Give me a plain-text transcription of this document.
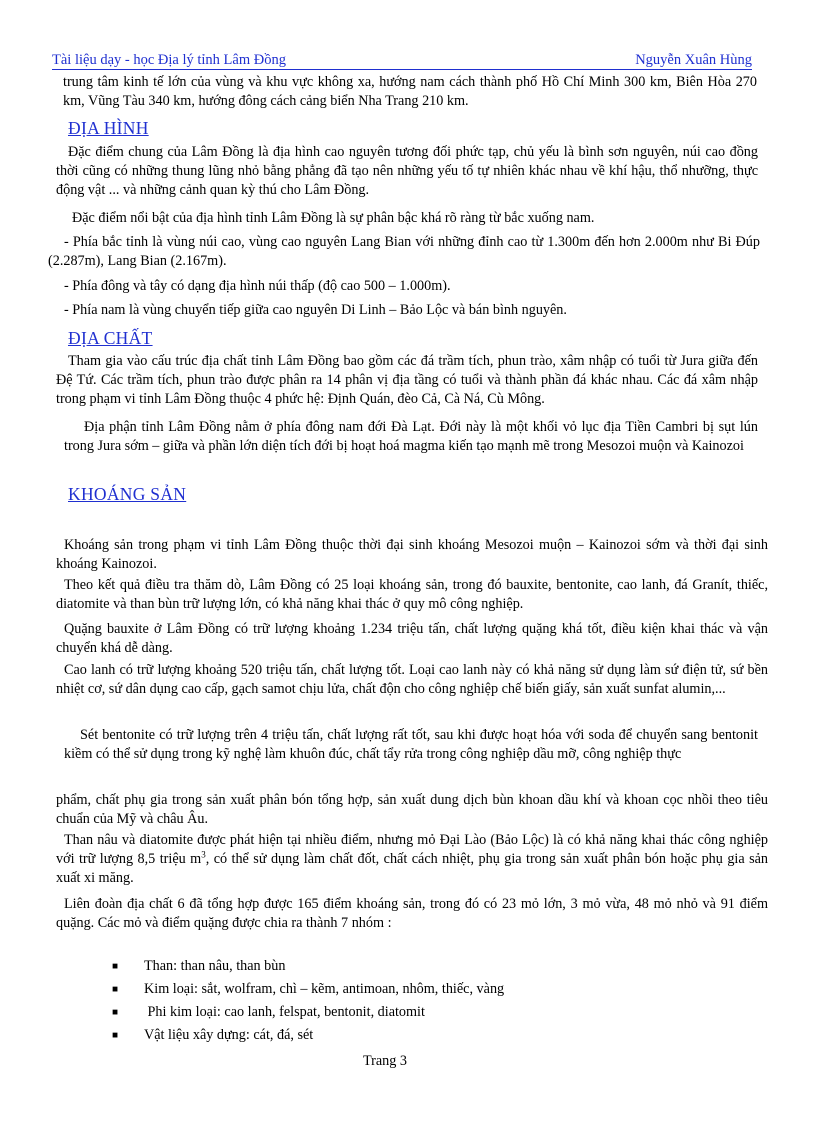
Tài liệu dạy - học Địa lý tỉnh Lâm Đồng	Nguyễn Xuân Hùng

trung tâm kinh tế lớn của vùng và khu vực không xa, hướng nam cách thành phố Hồ Chí Minh 300 km, Biên Hòa 270 km, Vũng Tàu 340 km, hướng đông cách cảng biển Nha Trang 210 km.

ĐỊA HÌNH

Đặc điểm chung của Lâm Đồng là địa hình cao nguyên tương đối phức tạp, chủ yếu là bình sơn nguyên, núi cao đồng thời cũng có những thung lũng nhỏ bằng phẳng đã tạo nên những yếu tố tự nhiên khác nhau về khí hậu, thổ nhưỡng, thực động vật ... và những cảnh quan kỳ thú cho Lâm Đồng.

Đặc điểm nổi bật của địa hình tỉnh Lâm Đồng là sự phân bậc khá rõ ràng từ bắc xuống nam.

- Phía bắc tỉnh là vùng núi cao, vùng cao nguyên Lang Bian với những đỉnh cao từ 1.300m đến hơn 2.000m như Bi Đúp (2.287m), Lang Bian (2.167m).

- Phía đông và tây có dạng địa hình núi thấp (độ cao 500 – 1.000m).

- Phía nam là vùng chuyển tiếp giữa cao nguyên Di Linh – Bảo Lộc và bán bình nguyên.

ĐỊA CHẤT

Tham gia vào cấu trúc địa chất tỉnh Lâm Đồng bao gồm các đá trầm tích, phun trào, xâm nhập có tuổi từ Jura giữa đến Đệ Tứ. Các trầm tích, phun trào được phân ra 14 phân vị địa tầng có tuổi và thành phần đá khác nhau. Các đá xâm nhập trong phạm vi tỉnh Lâm Đồng thuộc 4 phức hệ: Định Quán, đèo Cả, Cà Ná, Cù Mông.

Địa phận tỉnh Lâm Đồng nằm ở phía đông nam đới Đà Lạt. Đới này là một khối vỏ lục địa Tiền Cambri bị sụt lún trong Jura sớm – giữa và phần lớn diện tích đới bị hoạt hoá magma kiến tạo mạnh mẽ trong Mesozoi muộn và Kainozoi

KHOÁNG SẢN

Khoáng sản trong phạm vi tỉnh Lâm Đồng thuộc thời đại sinh khoáng Mesozoi muộn – Kainozoi sớm và thời đại sinh khoáng Kainozoi.

Theo kết quả điều tra thăm dò, Lâm Đồng có 25 loại khoáng sản, trong đó bauxite, bentonite, cao lanh, đá Granít, thiếc, diatomite và than bùn trữ lượng lớn, có khả năng khai thác ở quy mô công nghiệp.

Quặng bauxite ở Lâm Đồng có trữ lượng khoảng 1.234 triệu tấn, chất lượng quặng khá tốt, điều kiện khai thác và vận chuyển khá dễ dàng.

Cao lanh có trữ lượng khoảng 520 triệu tấn, chất lượng tốt. Loại cao lanh này có khả năng sử dụng làm sứ điện tử, sứ bền nhiệt cơ, sứ dân dụng cao cấp, gạch samot chịu lửa, chất độn cho công nghiệp chế biến giấy, sản xuất sunfat alumin,...

Sét bentonite có trữ lượng trên 4 triệu tấn, chất lượng rất tốt, sau khi được hoạt hóa với soda để chuyển sang bentonit kiềm có thể sử dụng trong kỹ nghệ làm khuôn đúc, chất tẩy rửa trong công nghiệp dầu mỡ, công nghiệp thực

phẩm, chất phụ gia trong sản xuất phân bón tổng hợp, sản xuất dung dịch bùn khoan dầu khí và khoan cọc nhồi theo tiêu chuẩn của Mỹ và châu Âu.

Than nâu và diatomite được phát hiện tại nhiều điểm, nhưng mỏ Đại Lào (Bảo Lộc) là có khả năng khai thác công nghiệp với trữ lượng 8,5 triệu $m^3$, có thể sử dụng làm chất đốt, chất cách nhiệt, phụ gia trong sản xuất phân bón hoặc phụ gia sản xuất xi măng.

Liên đoàn địa chất 6 đã tổng hợp được 165 điểm khoáng sản, trong đó có 23 mỏ lớn, 3 mỏ vừa, 48 mỏ nhỏ và 91 điểm quặng. Các mỏ và điểm quặng được chia ra thành 7 nhóm :

■	Than: than nâu, than bùn
■	Kim loại: sắt, wolfram, chì – kẽm, antimoan, nhôm, thiếc, vàng
■	Phi kim loại: cao lanh, felspat, bentonit, diatomit
■	Vật liệu xây dựng: cát, đá, sét
Trang 3
